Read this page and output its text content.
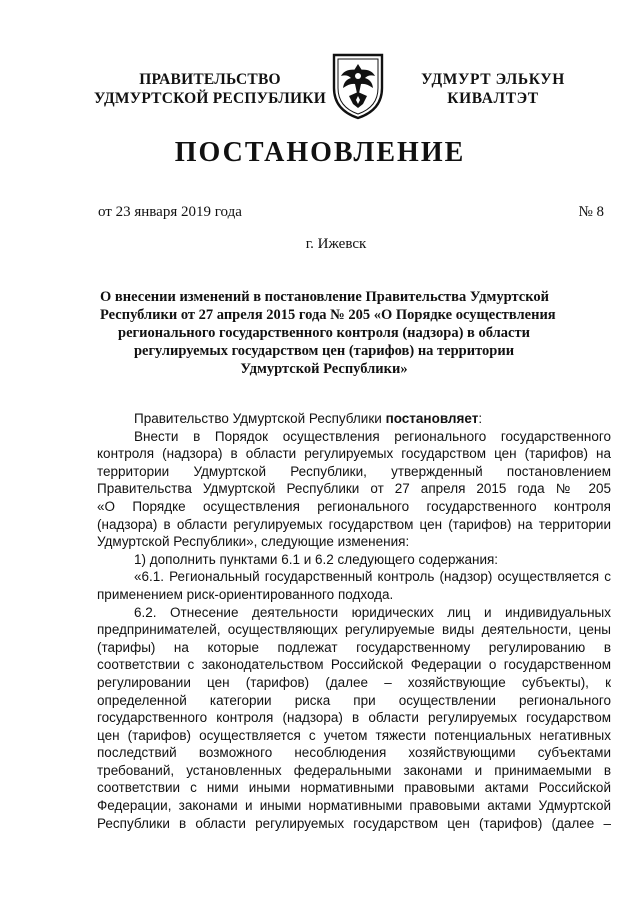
ПРАВИТЕЛЬСТВО
УДМУРТСКОЙ РЕСПУБЛИКИ
УДМУРТ ЭЛЬКУН
КИВАЛТЭТ
ПОСТАНОВЛЕНИЕ
от 23 января 2019 года	№ 8
г. Ижевск
О внесении изменений в постановление Правительства Удмуртской
Республики от 27 апреля 2015 года № 205 «О Порядке осуществления
регионального государственного контроля (надзора) в области
регулируемых государством цен (тарифов) на территории
Удмуртской Республики»
Правительство Удмуртской Республики постановляет:
Внести в Порядок осуществления регионального государственного
контроля (надзора) в области регулируемых государством цен (тарифов) на
территории Удмуртской Республики, утвержденный постановлением
Правительства Удмуртской Республики от 27 апреля 2015 года № 205
«О Порядке осуществления регионального государственного контроля
(надзора) в области регулируемых государством цен (тарифов) на территории
Удмуртской Республики», следующие изменения:
1) дополнить пунктами 6.1 и 6.2 следующего содержания:
«6.1. Региональный государственный контроль (надзор) осуществляется с
применением риск-ориентированного подхода.
6.2. Отнесение деятельности юридических лиц и индивидуальных
предпринимателей, осуществляющих регулируемые виды деятельности, цены
(тарифы) на которые подлежат государственному регулированию в
соответствии с законодательством Российской Федерации о государственном
регулировании цен (тарифов) (далее – хозяйствующие субъекты), к
определенной категории риска при осуществлении регионального
государственного контроля (надзора) в области регулируемых государством
цен (тарифов) осуществляется с учетом тяжести потенциальных негативных
последствий возможного несоблюдения хозяйствующими субъектами
требований, установленных федеральными законами и принимаемыми в
соответствии с ними иными нормативными правовыми актами Российской
Федерации, законами и иными нормативными правовыми актами Удмуртской
Республики в области регулируемых государством цен (тарифов) (далее –
